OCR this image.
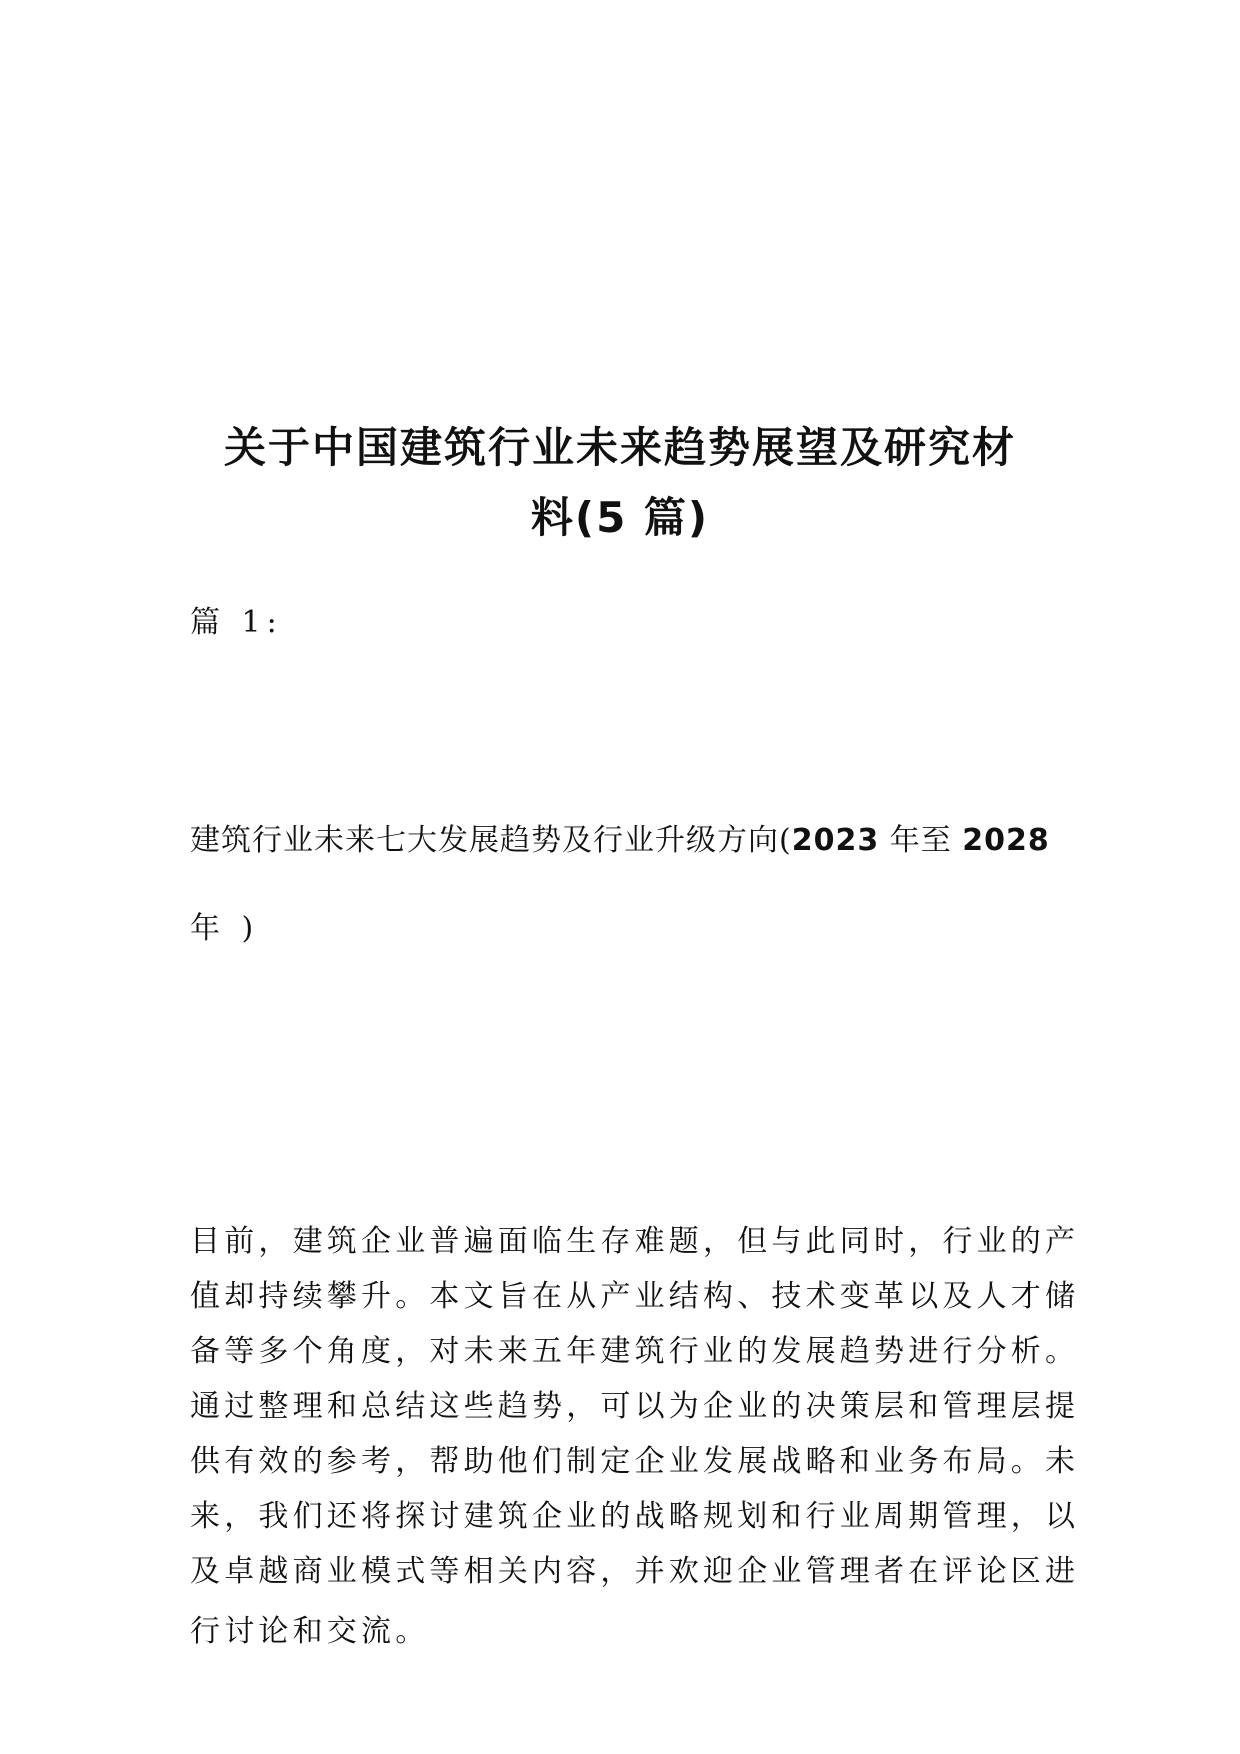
关于中国建筑行业未来趋势展望及研究材
料(5 篇)
篇 1:
建筑行业未来七大发展趋势及行业升级方向(2023 年至 2028
年 )
目前，建筑企业普遍面临生存难题，但与此同时，行业的产
值却持续攀升。本文旨在从产业结构、技术变革以及人才储
备等多个角度，对未来五年建筑行业的发展趋势进行分析。
通过整理和总结这些趋势，可以为企业的决策层和管理层提
供有效的参考，帮助他们制定企业发展战略和业务布局。未
来，我们还将探讨建筑企业的战略规划和行业周期管理，以
及卓越商业模式等相关内容，并欢迎企业管理者在评论区进
行讨论和交流。
